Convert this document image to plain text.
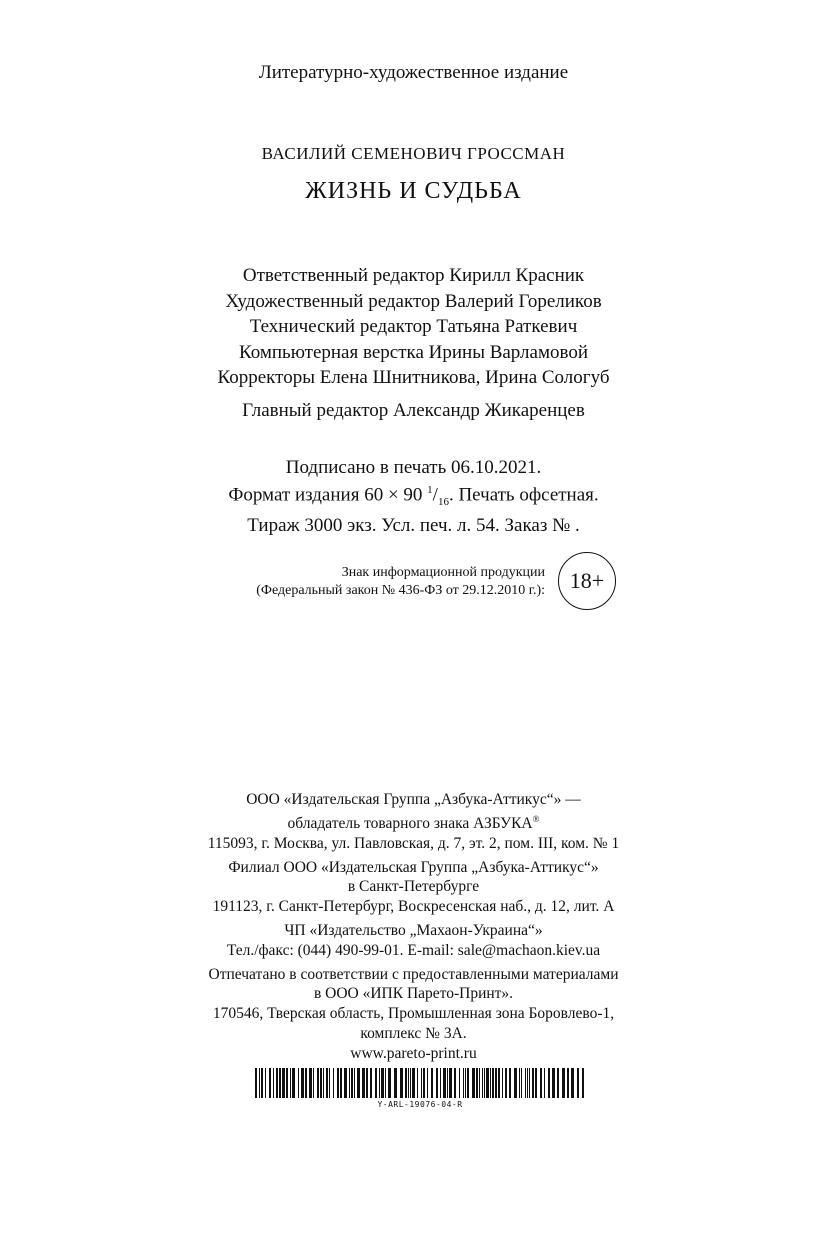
Литературно-художественное издание
ВАСИЛИЙ СЕМЕНОВИЧ ГРОССМАН
ЖИЗНЬ И СУДЬБА
Ответственный редактор Кирилл Красник
Художественный редактор Валерий Гореликов
Технический редактор Татьяна Раткевич
Компьютерная верстка Ирины Варламовой
Корректоры Елена Шнитникова, Ирина Сологуб
Главный редактор Александр Жикаренцев
Подписано в печать 06.10.2021.
Формат издания 60 × 90 $^1/_{16}$. Печать офсетная.
Тираж 3000 экз. Усл. печ. л. 54. Заказ № .
Знак информационной продукции
(Федеральный закон № 436-ФЗ от 29.12.2010 г.): 18+
ООО «Издательская Группа „Азбука-Аттикус“» —
обладатель товарного знака АЗБУКА®
115093, г. Москва, ул. Павловская, д. 7, эт. 2, пом. III, ком. № 1
Филиал ООО «Издательская Группа „Азбука-Аттикус“»
в Санкт-Петербурге
191123, г. Санкт-Петербург, Воскресенская наб., д. 12, лит. А
ЧП «Издательство „Махаон-Украина“»
Тел./факс: (044) 490-99-01. E-mail: sale@machaon.kiev.ua
Отпечатано в соответствии с предоставленными материалами
в ООО «ИПК Парето-Принт».
170546, Тверская область, Промышленная зона Боровлево-1,
комплекс № 3А.
www.pareto-print.ru
Y-ARL-19076-04-R
